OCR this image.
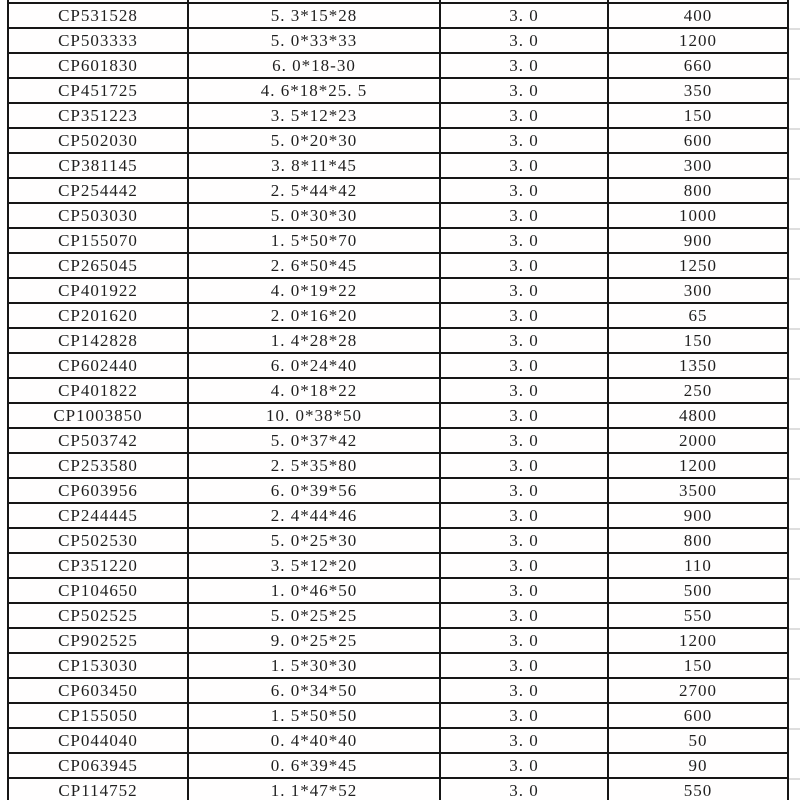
CP531528	5. 3*15*28	3. 0	400
CP503333	5. 0*33*33	3. 0	1200
CP601830	6. 0*18-30	3. 0	660
CP451725	4. 6*18*25. 5	3. 0	350
CP351223	3. 5*12*23	3. 0	150
CP502030	5. 0*20*30	3. 0	600
CP381145	3. 8*11*45	3. 0	300
CP254442	2. 5*44*42	3. 0	800
CP503030	5. 0*30*30	3. 0	1000
CP155070	1. 5*50*70	3. 0	900
CP265045	2. 6*50*45	3. 0	1250
CP401922	4. 0*19*22	3. 0	300
CP201620	2. 0*16*20	3. 0	65
CP142828	1. 4*28*28	3. 0	150
CP602440	6. 0*24*40	3. 0	1350
CP401822	4. 0*18*22	3. 0	250
CP1003850	10. 0*38*50	3. 0	4800
CP503742	5. 0*37*42	3. 0	2000
CP253580	2. 5*35*80	3. 0	1200
CP603956	6. 0*39*56	3. 0	3500
CP244445	2. 4*44*46	3. 0	900
CP502530	5. 0*25*30	3. 0	800
CP351220	3. 5*12*20	3. 0	110
CP104650	1. 0*46*50	3. 0	500
CP502525	5. 0*25*25	3. 0	550
CP902525	9. 0*25*25	3. 0	1200
CP153030	1. 5*30*30	3. 0	150
CP603450	6. 0*34*50	3. 0	2700
CP155050	1. 5*50*50	3. 0	600
CP044040	0. 4*40*40	3. 0	50
CP063945	0. 6*39*45	3. 0	90
CP114752	1. 1*47*52	3. 0	550
